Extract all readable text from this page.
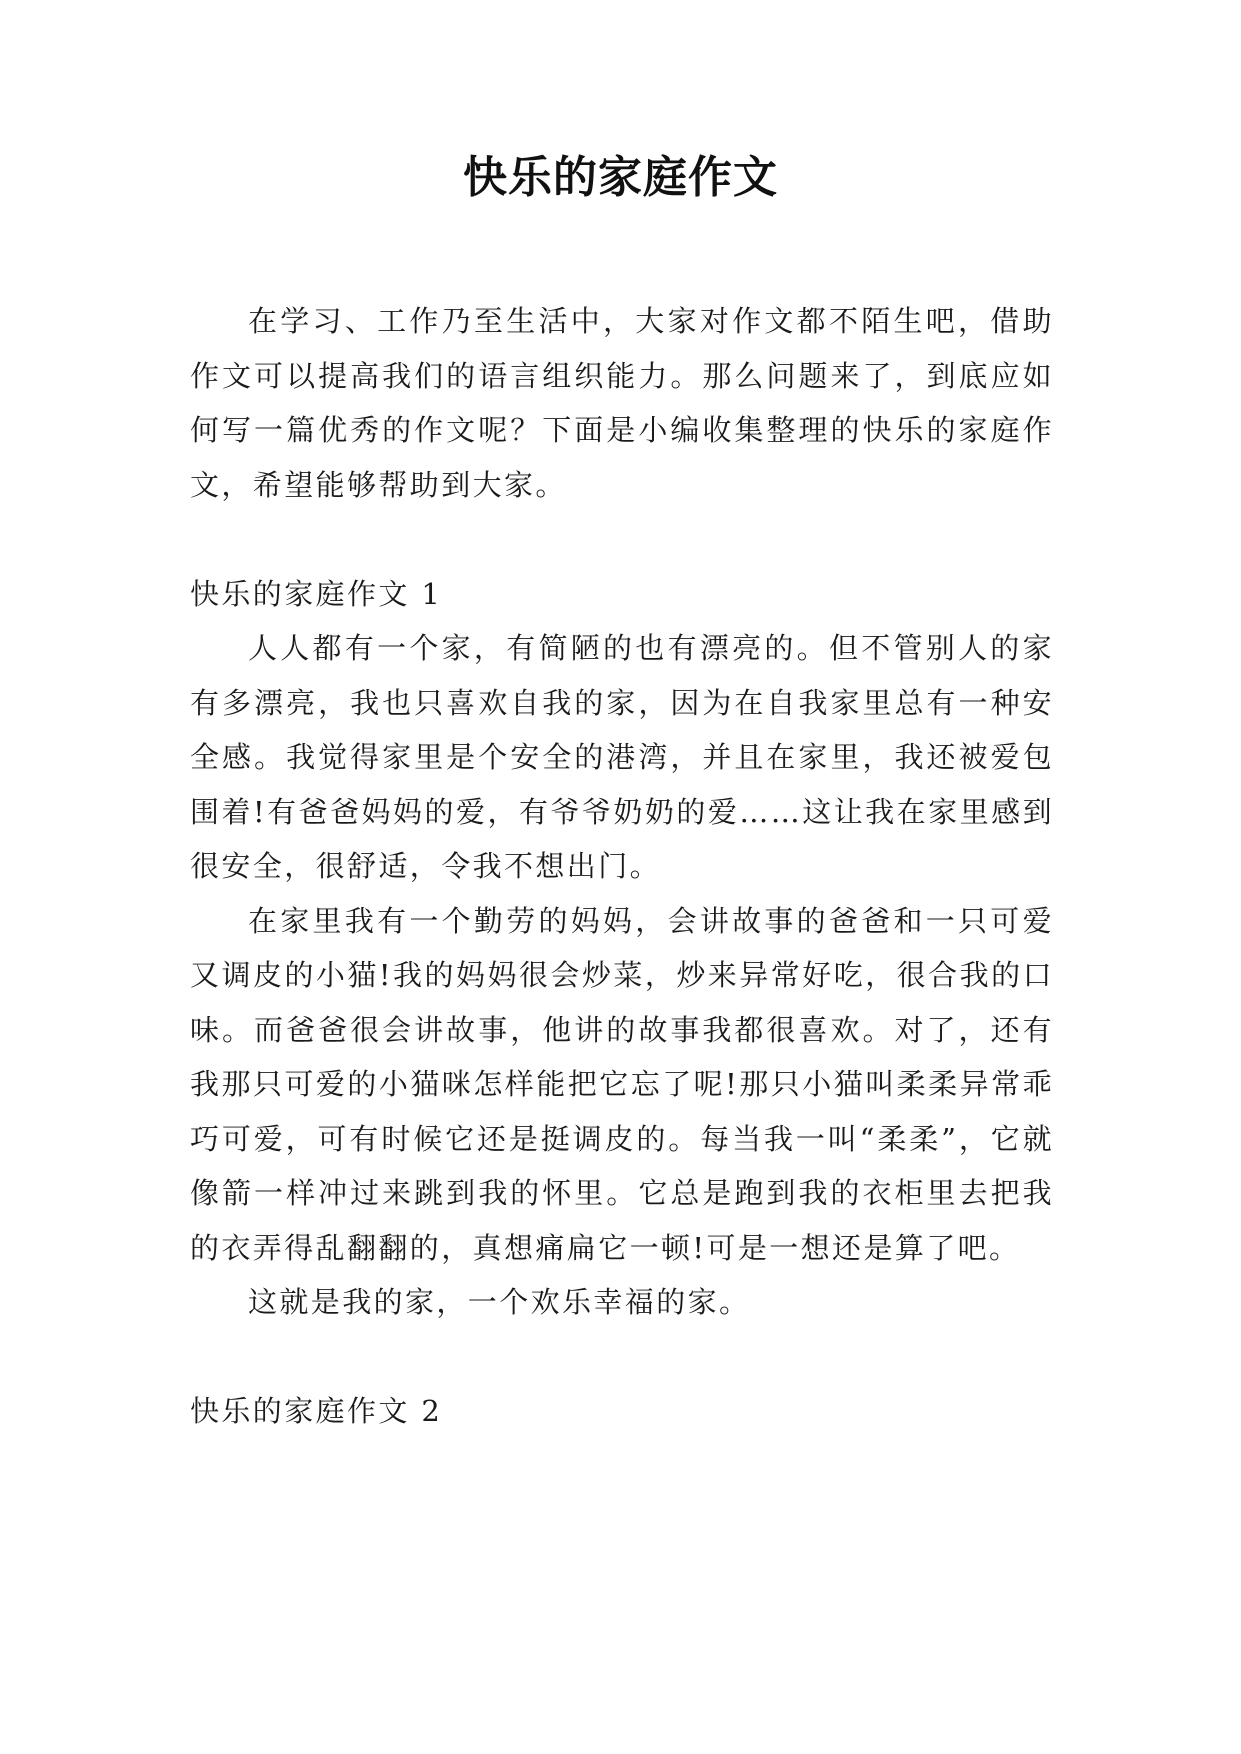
快乐的家庭作文

在学习、工作乃至生活中，大家对作文都不陌生吧，借助作文可以提高我们的语言组织能力。那么问题来了，到底应如何写一篇优秀的作文呢？下面是小编收集整理的快乐的家庭作文，希望能够帮助到大家。

快乐的家庭作文 1

人人都有一个家，有简陋的也有漂亮的。但不管别人的家有多漂亮，我也只喜欢自我的家，因为在自我家里总有一种安全感。我觉得家里是个安全的港湾，并且在家里，我还被爱包围着!有爸爸妈妈的爱，有爷爷奶奶的爱……这让我在家里感到很安全，很舒适，令我不想出门。

在家里我有一个勤劳的妈妈，会讲故事的爸爸和一只可爱又调皮的小猫!我的妈妈很会炒菜，炒来异常好吃，很合我的口味。而爸爸很会讲故事，他讲的故事我都很喜欢。对了，还有我那只可爱的小猫咪怎样能把它忘了呢!那只小猫叫柔柔异常乖巧可爱，可有时候它还是挺调皮的。每当我一叫“柔柔”，它就像箭一样冲过来跳到我的怀里。它总是跑到我的衣柜里去把我的衣弄得乱翻翻的，真想痛扁它一顿!可是一想还是算了吧。

这就是我的家，一个欢乐幸福的家。

快乐的家庭作文 2
